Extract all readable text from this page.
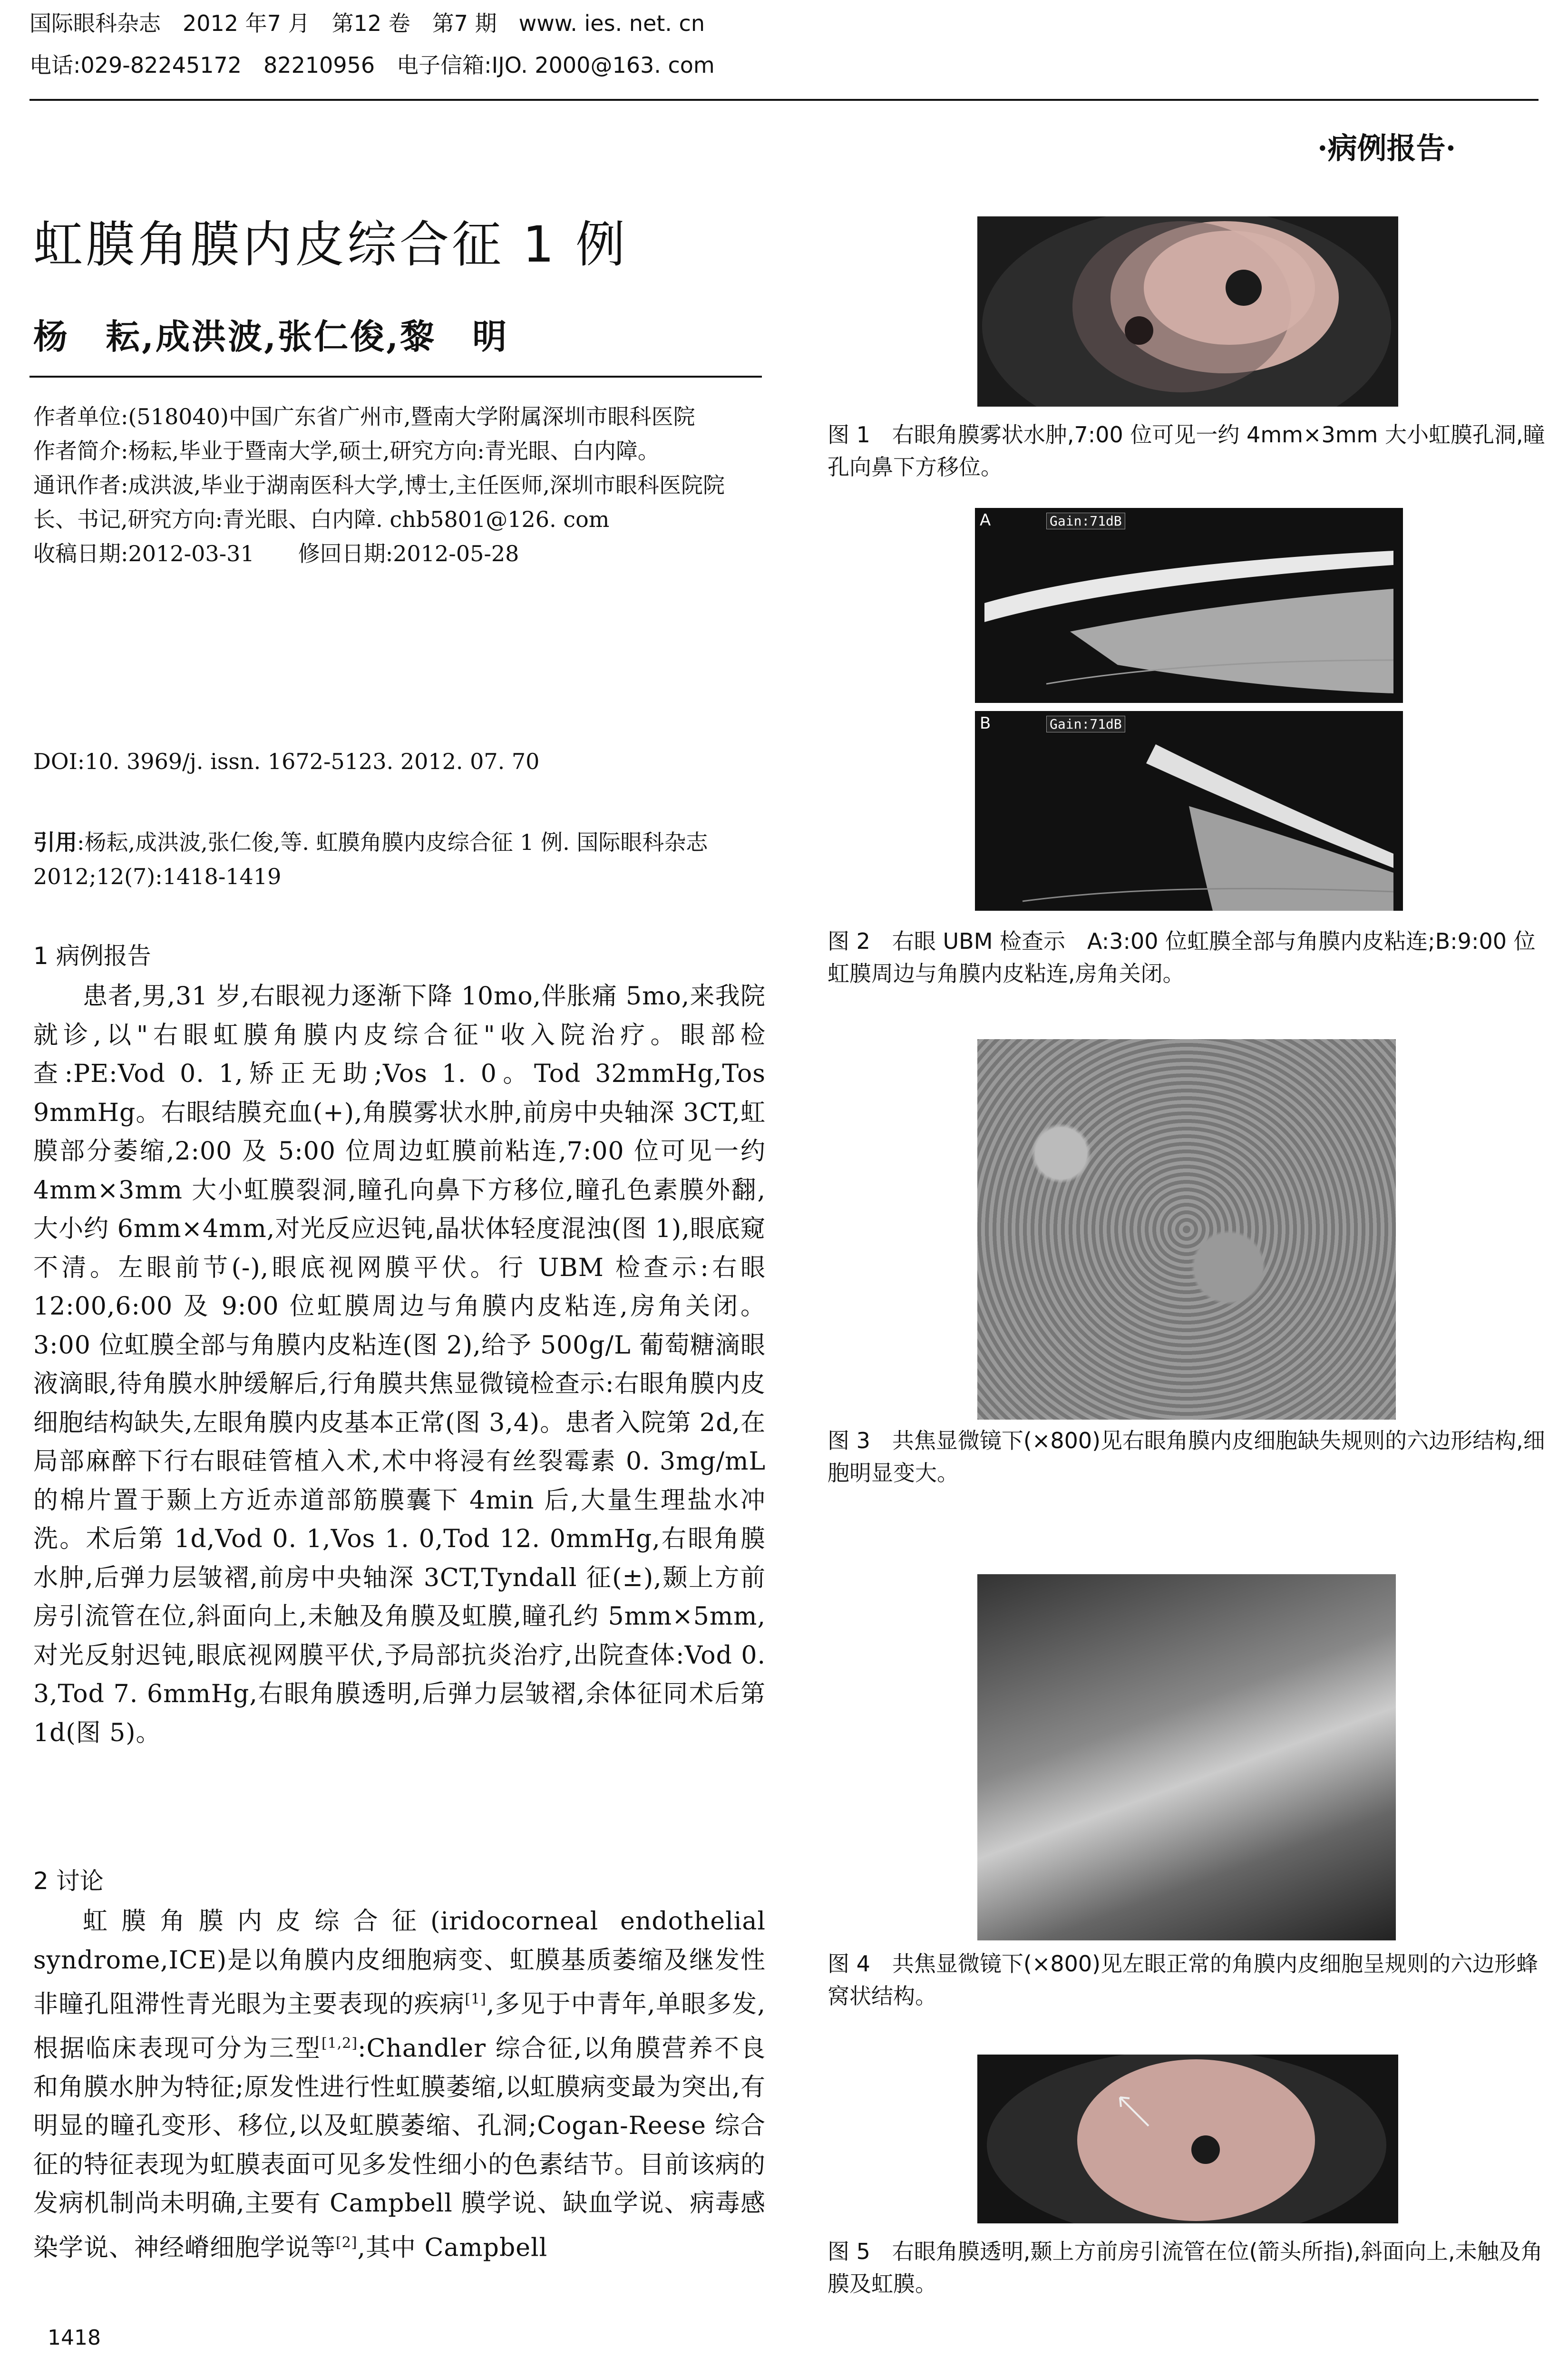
国际眼科杂志　2012 年7 月　第12 卷　第7 期　www. ies. net. cn
电话:029-82245172　82210956　电子信箱:IJO. 2000@163. com
·病例报告·
虹膜角膜内皮综合征 1 例
杨　耘,成洪波,张仁俊,黎　明

作者单位:(518040)中国广东省广州市,暨南大学附属深圳市眼科医院

作者简介:杨耘,毕业于暨南大学,硕士,研究方向:青光眼、白内障。

通讯作者:成洪波,毕业于湖南医科大学,博士,主任医师,深圳市眼科医院院长、书记,研究方向:青光眼、白内障. chb5801@126. com

收稿日期:2012-03-31　　修回日期:2012-05-28

DOI:10. 3969/j. issn. 1672-5123. 2012. 07. 70
引用:杨耘,成洪波,张仁俊,等. 虹膜角膜内皮综合征 1 例. 国际眼科杂志 2012;12(7):1418-1419
1 病例报告

患者,男,31 岁,右眼视力逐渐下降 10mo,伴胀痛 5mo,来我院就诊,以"右眼虹膜角膜内皮综合征"收入院治疗。眼部检查:PE:Vod 0. 1,矫正无助;Vos 1. 0。Tod 32mmHg,Tos 9mmHg。右眼结膜充血(+),角膜雾状水肿,前房中央轴深 3CT,虹膜部分萎缩,2:00 及 5:00 位周边虹膜前粘连,7:00 位可见一约 4mm×3mm 大小虹膜裂洞,瞳孔向鼻下方移位,瞳孔色素膜外翻,大小约 6mm×4mm,对光反应迟钝,晶状体轻度混浊(图 1),眼底窥不清。左眼前节(-),眼底视网膜平伏。行 UBM 检查示:右眼 12:00,6:00 及 9:00 位虹膜周边与角膜内皮粘连,房角关闭。3:00 位虹膜全部与角膜内皮粘连(图 2),给予 500g/L 葡萄糖滴眼液滴眼,待角膜水肿缓解后,行角膜共焦显微镜检查示:右眼角膜内皮细胞结构缺失,左眼角膜内皮基本正常(图 3,4)。患者入院第 2d,在局部麻醉下行右眼硅管植入术,术中将浸有丝裂霉素 0. 3mg/mL 的棉片置于颞上方近赤道部筋膜囊下 4min 后,大量生理盐水冲洗。术后第 1d,Vod 0. 1,Vos 1. 0,Tod 12. 0mmHg,右眼角膜水肿,后弹力层皱褶,前房中央轴深 3CT,Tyndall 征(±),颞上方前房引流管在位,斜面向上,未触及角膜及虹膜,瞳孔约 5mm×5mm,对光反射迟钝,眼底视网膜平伏,予局部抗炎治疗,出院查体:Vod 0. 3,Tod 7. 6mmHg,右眼角膜透明,后弹力层皱褶,余体征同术后第 1d(图 5)。

2 讨论

虹膜角膜内皮综合征(iridocorneal endothelial syndrome,ICE)是以角膜内皮细胞病变、虹膜基质萎缩及继发性非瞳孔阻滞性青光眼为主要表现的疾病[1],多见于中青年,单眼多发,根据临床表现可分为三型[1,2]:Chandler 综合征,以角膜营养不良和角膜水肿为特征;原发性进行性虹膜萎缩,以虹膜病变最为突出,有明显的瞳孔变形、移位,以及虹膜萎缩、孔洞;Cogan-Reese 综合征的特征表现为虹膜表面可见多发性细小的色素结节。目前该病的发病机制尚未明确,主要有 Campbell 膜学说、缺血学说、病毒感染学说、神经嵴细胞学说等[2],其中 Campbell

1418
图 1　右眼角膜雾状水肿,7:00 位可见一约 4mm×3mm 大小虹膜孔洞,瞳孔向鼻下方移位。
A	Gain:71dB
B	Gain:71dB
图 2　右眼 UBM 检查示　A:3:00 位虹膜全部与角膜内皮粘连;B:9:00 位虹膜周边与角膜内皮粘连,房角关闭。
图 3　共焦显微镜下(×800)见右眼角膜内皮细胞缺失规则的六边形结构,细胞明显变大。
图 4　共焦显微镜下(×800)见左眼正常的角膜内皮细胞呈规则的六边形蜂窝状结构。
图 5　右眼角膜透明,颞上方前房引流管在位(箭头所指),斜面向上,未触及角膜及虹膜。
